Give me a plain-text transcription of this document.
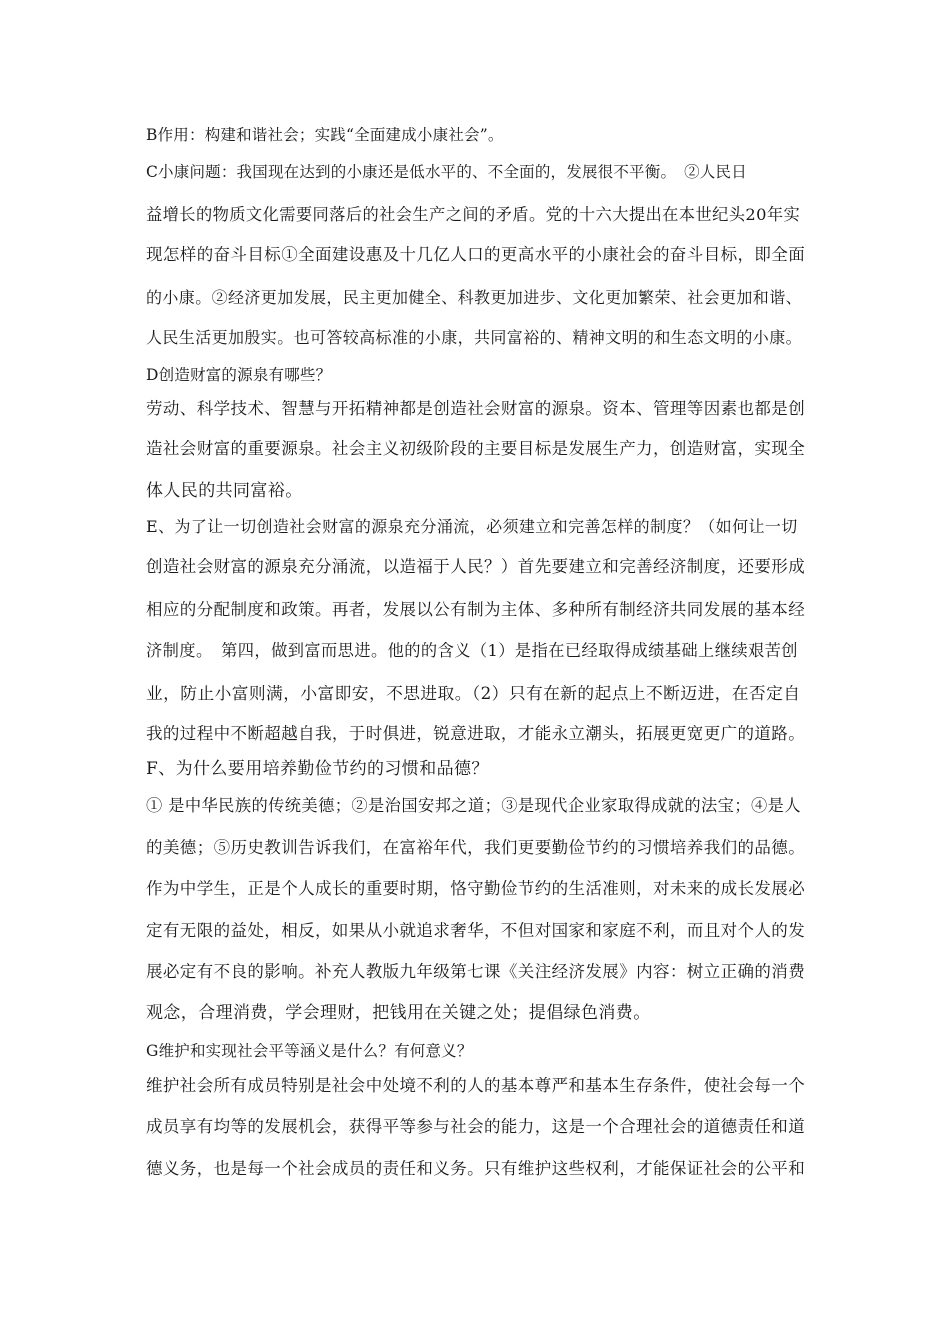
B作用：构建和谐社会；实践“全面建成小康社会”。
C小康问题：我国现在达到的小康还是低水平的、不全面的，发展很不平衡。　②人民日
益增长的物质文化需要同落后的社会生产之间的矛盾。党的十六大提出在本世纪头20年实
现怎样的奋斗目标①全面建设惠及十几亿人口的更高水平的小康社会的奋斗目标，即全面
的小康。②经济更加发展，民主更加健全、科教更加进步、文化更加繁荣、社会更加和谐、
人民生活更加殷实。也可答较高标准的小康，共同富裕的、精神文明的和生态文明的小康。
D创造财富的源泉有哪些？
劳动、科学技术、智慧与开拓精神都是创造社会财富的源泉。资本、管理等因素也都是创
造社会财富的重要源泉。社会主义初级阶段的主要目标是发展生产力，创造财富，实现全
体人民的共同富裕。
E、为了让一切创造社会财富的源泉充分涌流，必须建立和完善怎样的制度？（如何让一切
创造社会财富的源泉充分涌流，以造福于人民？）首先要建立和完善经济制度，还要形成
相应的分配制度和政策。再者，发展以公有制为主体、多种所有制经济共同发展的基本经
济制度。　第四，做到富而思进。他的的含义（1）是指在已经取得成绩基础上继续艰苦创
业，防止小富则满，小富即安，不思进取。（2）只有在新的起点上不断迈进，在否定自
我的过程中不断超越自我，于时俱进，锐意进取，才能永立潮头，拓展更宽更广的道路。
F、为什么要用培养勤俭节约的习惯和品德？
① 是中华民族的传统美德；②是治国安邦之道；③是现代企业家取得成就的法宝；④是人
的美德；⑤历史教训告诉我们，在富裕年代，我们更要勤俭节约的习惯培养我们的品德。
作为中学生，正是个人成长的重要时期，恪守勤俭节约的生活准则，对未来的成长发展必
定有无限的益处，相反，如果从小就追求奢华，不但对国家和家庭不利，而且对个人的发
展必定有不良的影响。补充人教版九年级第七课《关注经济发展》内容：树立正确的消费
观念，合理消费，学会理财，把钱用在关键之处；提倡绿色消费。
G维护和实现社会平等涵义是什么？有何意义？
维护社会所有成员特别是社会中处境不利的人的基本尊严和基本生存条件，使社会每一个
成员享有均等的发展机会，获得平等参与社会的能力，这是一个合理社会的道德责任和道
德义务，也是每一个社会成员的责任和义务。只有维护这些权利，才能保证社会的公平和
